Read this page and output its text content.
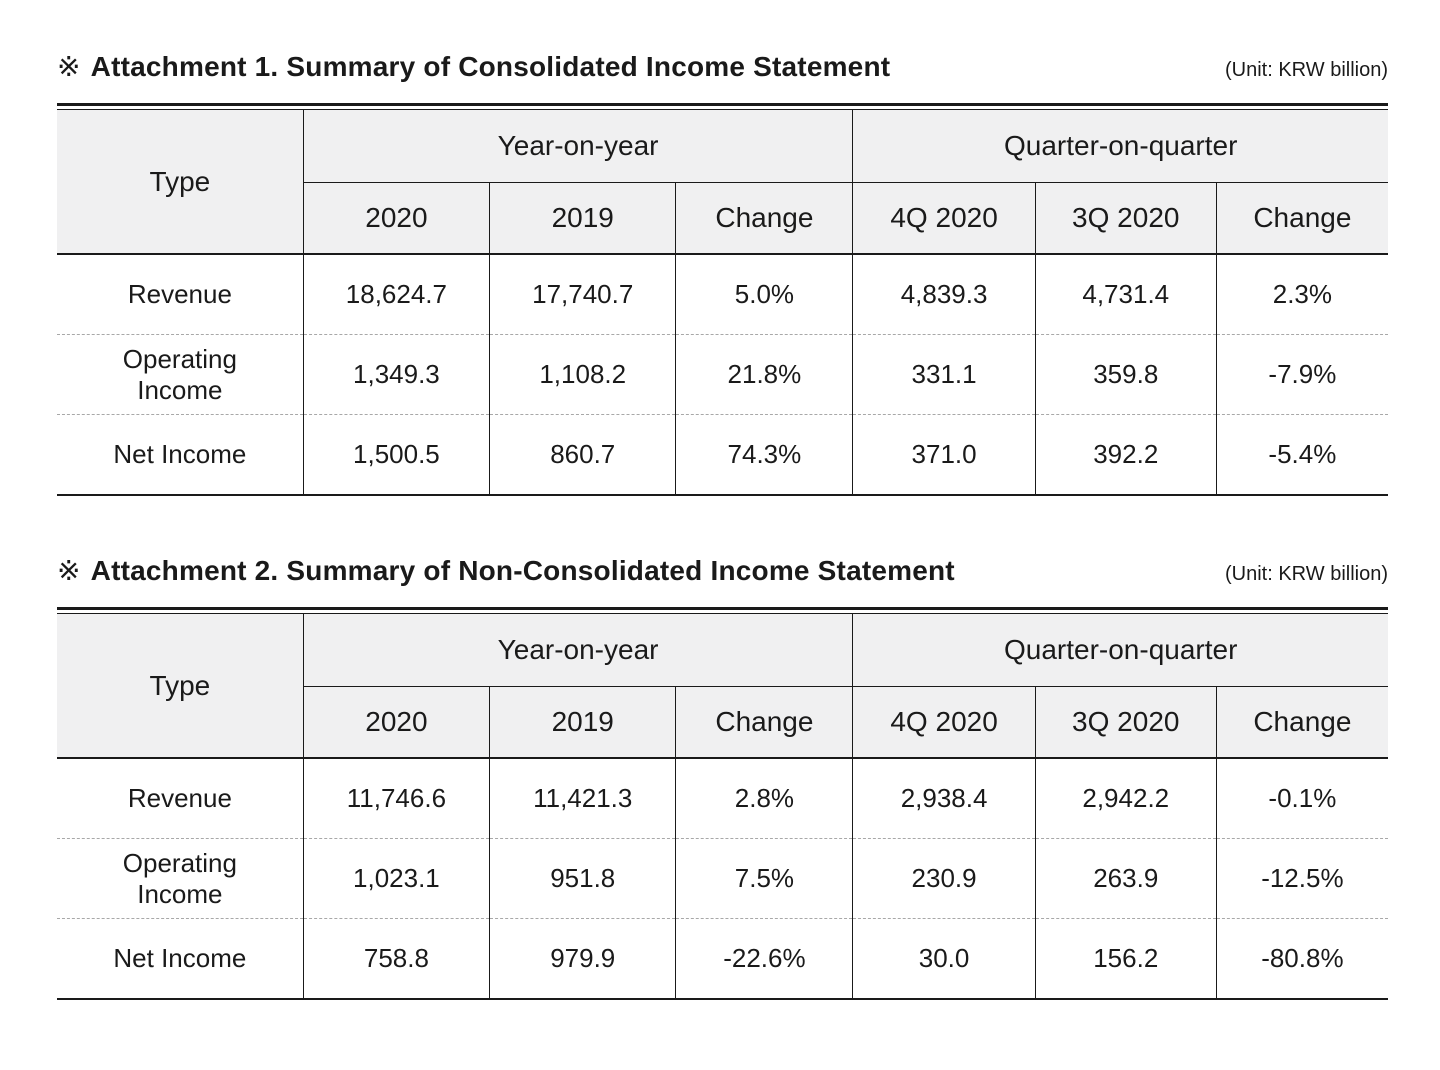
※ Attachment 1. Summary of Consolidated Income Statement	(Unit: KRW billion)
Type	Year-on-year			Quarter-on-quarter		
	2020	2019	Change	4Q 2020	3Q 2020	Change
Revenue	18,624.7	17,740.7	5.0%	4,839.3	4,731.4	2.3%
Operating Income	1,349.3	1,108.2	21.8%	331.1	359.8	-7.9%
Net Income	1,500.5	860.7	74.3%	371.0	392.2	-5.4%
※ Attachment 2. Summary of Non-Consolidated Income Statement	(Unit: KRW billion)
Type	Year-on-year			Quarter-on-quarter		
	2020	2019	Change	4Q 2020	3Q 2020	Change
Revenue	11,746.6	11,421.3	2.8%	2,938.4	2,942.2	-0.1%
Operating Income	1,023.1	951.8	7.5%	230.9	263.9	-12.5%
Net Income	758.8	979.9	-22.6%	30.0	156.2	-80.8%
